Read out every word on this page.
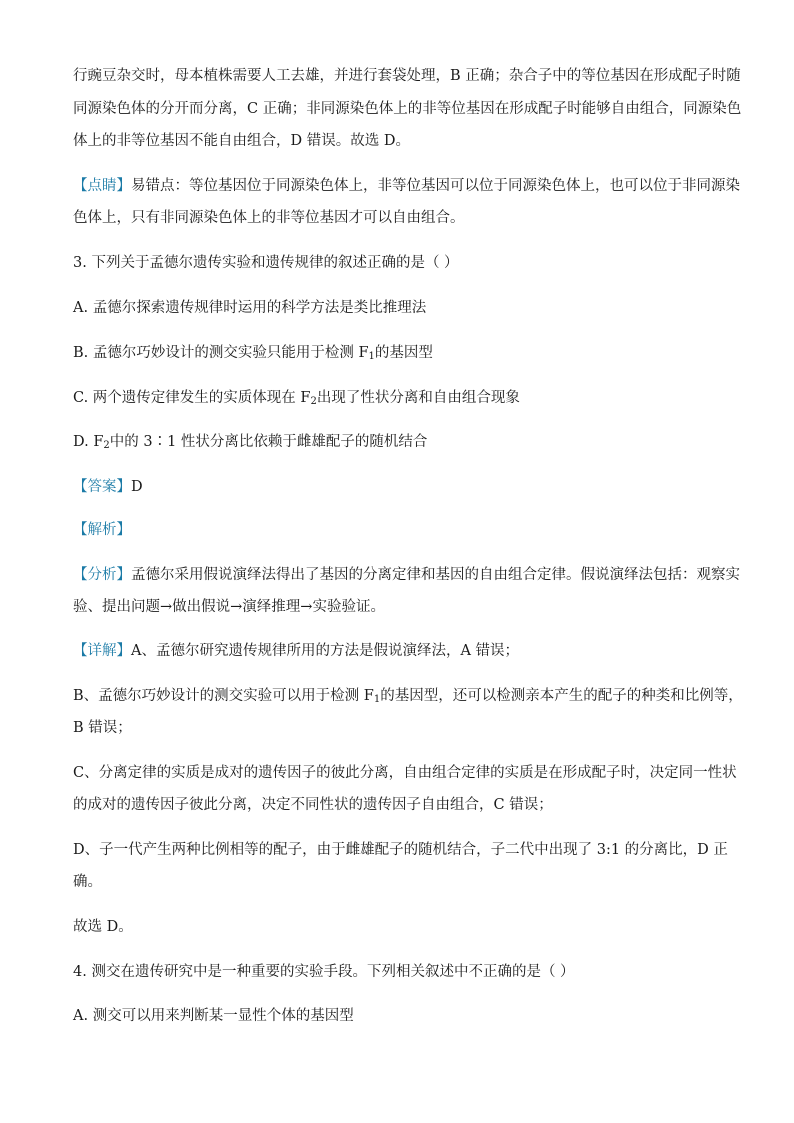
行豌豆杂交时，母本植株需要人工去雄，并进行套袋处理，B 正确；杂合子中的等位基因在形成配子时随
同源染色体的分开而分离，C 正确；非同源染色体上的非等位基因在形成配子时能够自由组合，同源染色
体上的非等位基因不能自由组合，D 错误。故选 D。
【点睛】易错点：等位基因位于同源染色体上，非等位基因可以位于同源染色体上，也可以位于非同源染
色体上，只有非同源染色体上的非等位基因才可以自由组合。
3. 下列关于孟德尔遗传实验和遗传规律的叙述正确的是（ ）
A. 孟德尔探索遗传规律时运用的科学方法是类比推理法
B. 孟德尔巧妙设计的测交实验只能用于检测 $F_1$的基因型
C. 两个遗传定律发生的实质体现在 $F_2$出现了性状分离和自由组合现象
D. $F_2$中的 3∶1 性状分离比依赖于雌雄配子的随机结合
【答案】D
【解析】
【分析】孟德尔采用假说演绎法得出了基因的分离定律和基因的自由组合定律。假说演绎法包括：观察实
验、提出问题→做出假说→演绎推理→实验验证。
【详解】A、孟德尔研究遗传规律所用的方法是假说演绎法，A 错误；
B、孟德尔巧妙设计的测交实验可以用于检测 $F_1$的基因型，还可以检测亲本产生的配子的种类和比例等，
B 错误；
C、分离定律的实质是成对的遗传因子的彼此分离，自由组合定律的实质是在形成配子时，决定同一性状
的成对的遗传因子彼此分离，决定不同性状的遗传因子自由组合，C 错误；
D、子一代产生两种比例相等的配子，由于雌雄配子的随机结合，子二代中出现了 3:1 的分离比，D 正
确。
故选 D。
4. 测交在遗传研究中是一种重要的实验手段。下列相关叙述中不正确的是（ ）
A. 测交可以用来判断某一显性个体的基因型
